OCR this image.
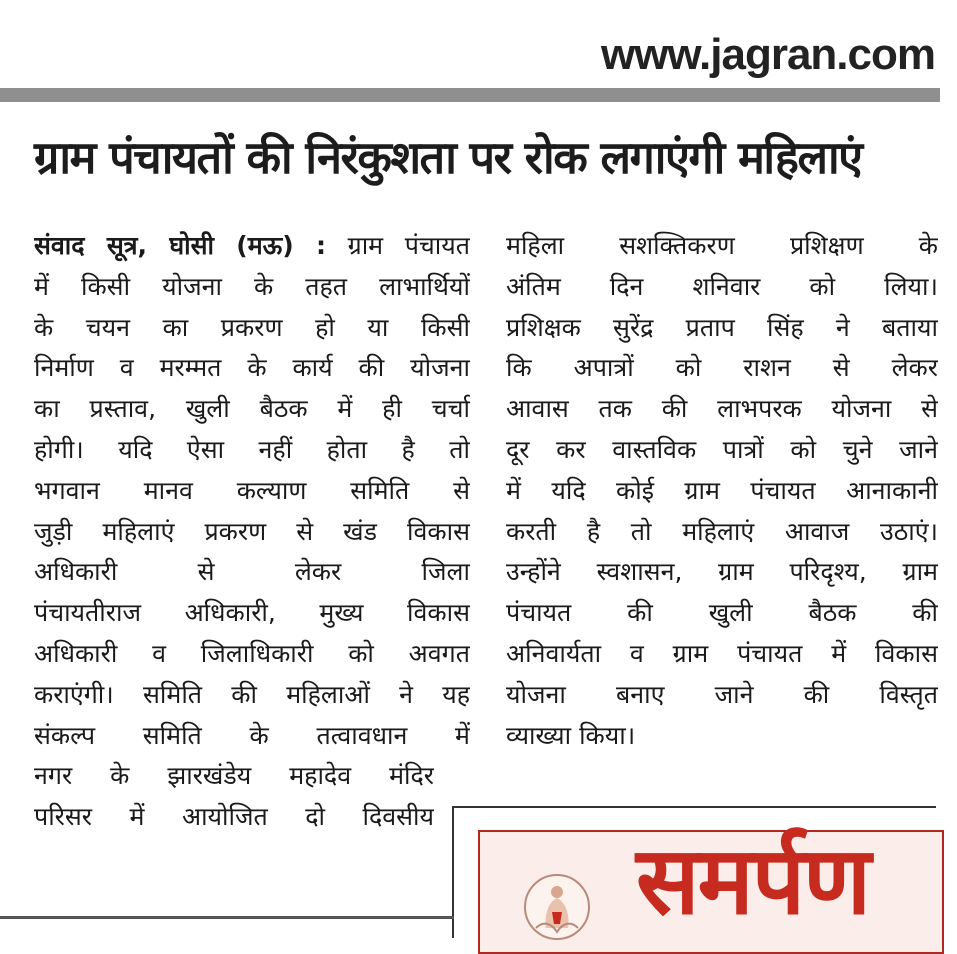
www.jagran.com
ग्राम पंचायतों की निरंकुशता पर रोक लगाएंगी महिलाएं
संवाद सूत्र, घोसी (मऊ) : ग्राम पंचायत
में किसी योजना के तहत लाभार्थियों
के चयन का प्रकरण हो या किसी
निर्माण व मरम्मत के कार्य की योजना
का प्रस्ताव, खुली बैठक में ही चर्चा
होगी। यदि ऐसा नहीं होता है तो
भगवान मानव कल्याण समिति से
जुड़ी महिलाएं प्रकरण से खंड विकास
अधिकारी से लेकर जिला
पंचायतीराज अधिकारी, मुख्य विकास
अधिकारी व जिलाधिकारी को अवगत
कराएंगी। समिति की महिलाओं ने यह
संकल्प समिति के तत्वावधान में
नगर के झारखंडेय महादेव मंदिर
परिसर में आयोजित दो दिवसीय
महिला सशक्तिकरण प्रशिक्षण के
अंतिम दिन शनिवार को लिया।
प्रशिक्षक सुरेंद्र प्रताप सिंह ने बताया
कि अपात्रों को राशन से लेकर
आवास तक की लाभपरक योजना से
दूर कर वास्तविक पात्रों को चुने जाने
में यदि कोई ग्राम पंचायत आनाकानी
करती है तो महिलाएं आवाज उठाएं।
उन्होंने स्वशासन, ग्राम परिदृश्य, ग्राम
पंचायत की खुली बैठक की
अनिवार्यता व ग्राम पंचायत में विकास
योजना बनाए जाने की विस्तृत
व्याख्या किया।
समर्पण
